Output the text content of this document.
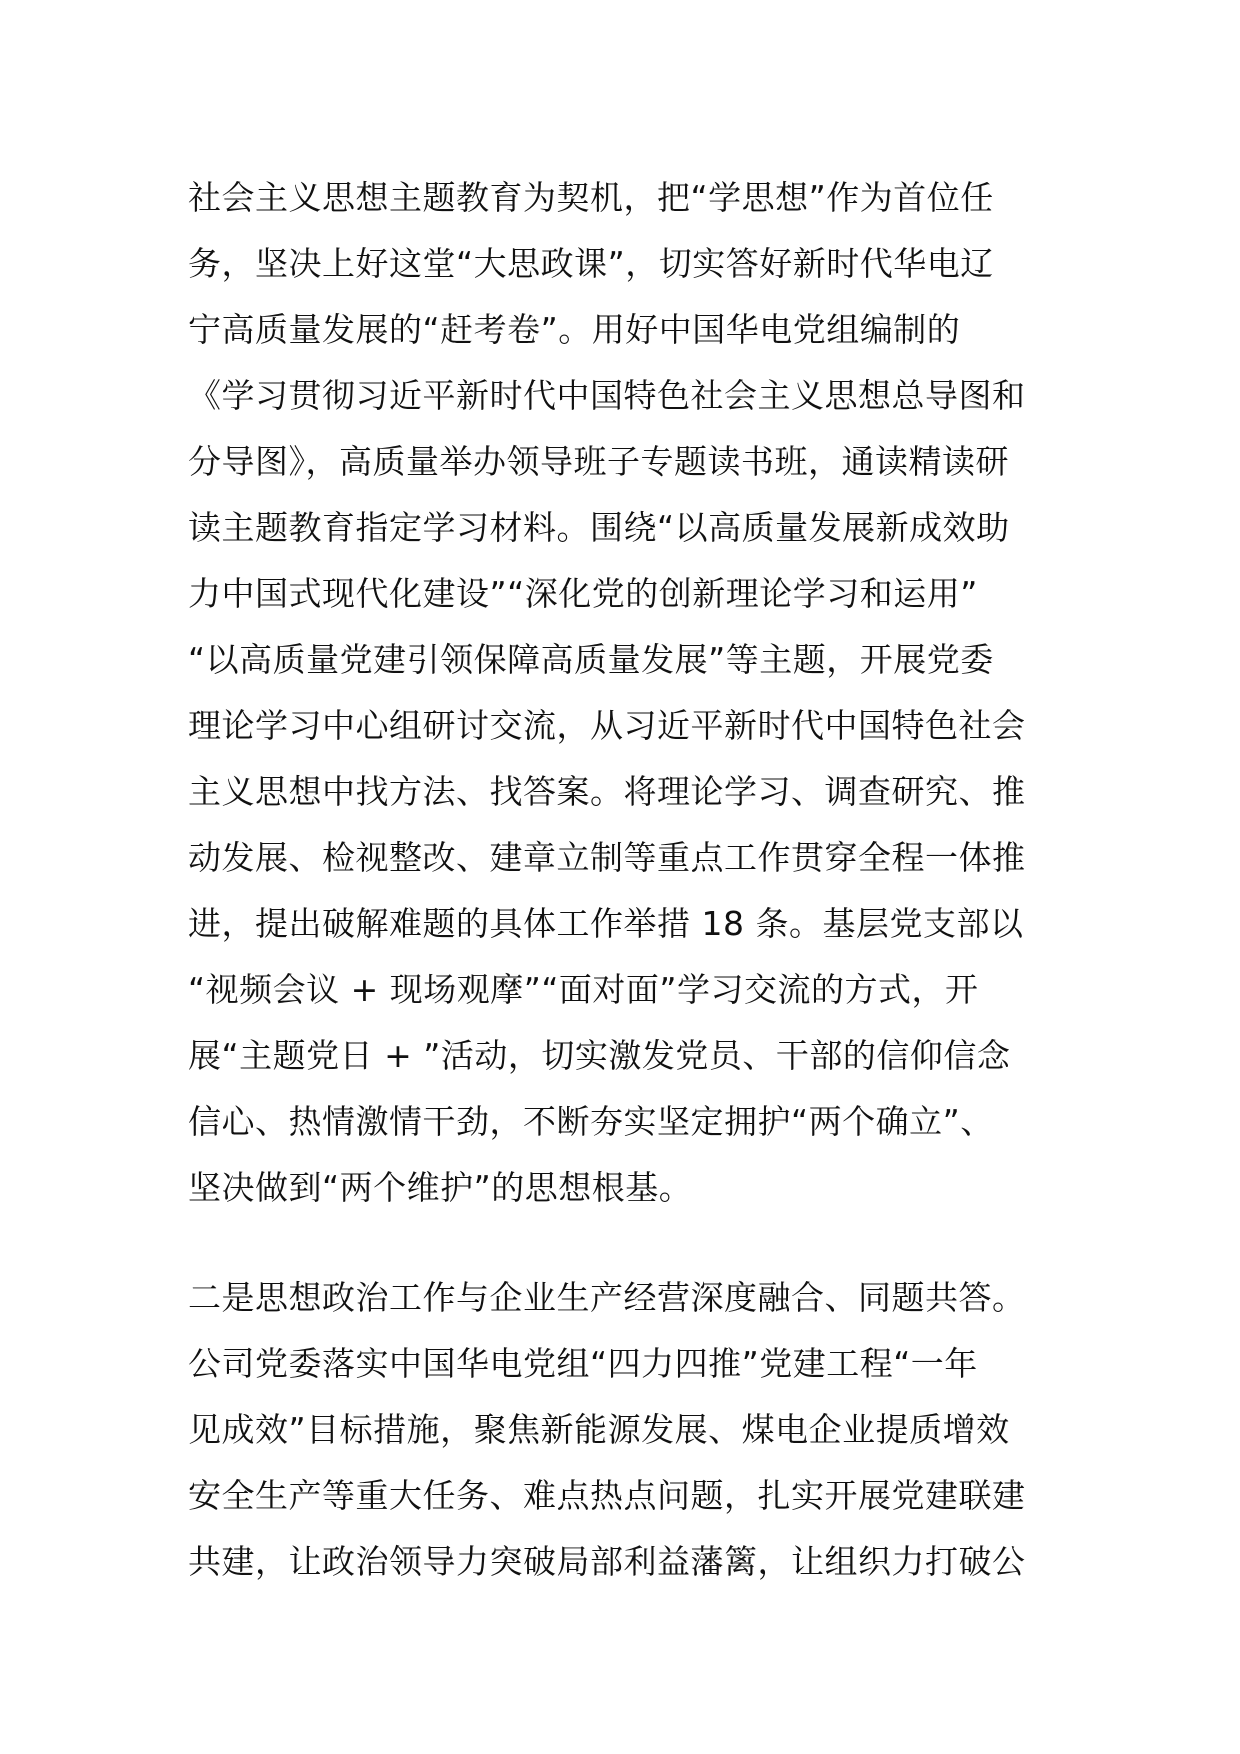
社会主义思想主题教育为契机，把“学思想”作为首位任
务，坚决上好这堂“大思政课”，切实答好新时代华电辽
宁高质量发展的“赶考卷”。用好中国华电党组编制的
《学习贯彻习近平新时代中国特色社会主义思想总导图和
分导图》，高质量举办领导班子专题读书班，通读精读研
读主题教育指定学习材料。围绕“以高质量发展新成效助
力中国式现代化建设”“深化党的创新理论学习和运用”
“以高质量党建引领保障高质量发展”等主题，开展党委
理论学习中心组研讨交流，从习近平新时代中国特色社会
主义思想中找方法、找答案。将理论学习、调查研究、推
动发展、检视整改、建章立制等重点工作贯穿全程一体推
进，提出破解难题的具体工作举措 18 条。基层党支部以
“视频会议 + 现场观摩”“面对面”学习交流的方式，开
展“主题党日 + ”活动，切实激发党员、干部的信仰信念
信心、热情激情干劲，不断夯实坚定拥护“两个确立”、
坚决做到“两个维护”的思想根基。
二是思想政治工作与企业生产经营深度融合、同题共答。
公司党委落实中国华电党组“四力四推”党建工程“一年
见成效”目标措施，聚焦新能源发展、煤电企业提质增效
安全生产等重大任务、难点热点问题，扎实开展党建联建
共建，让政治领导力突破局部利益藩篱，让组织力打破公
